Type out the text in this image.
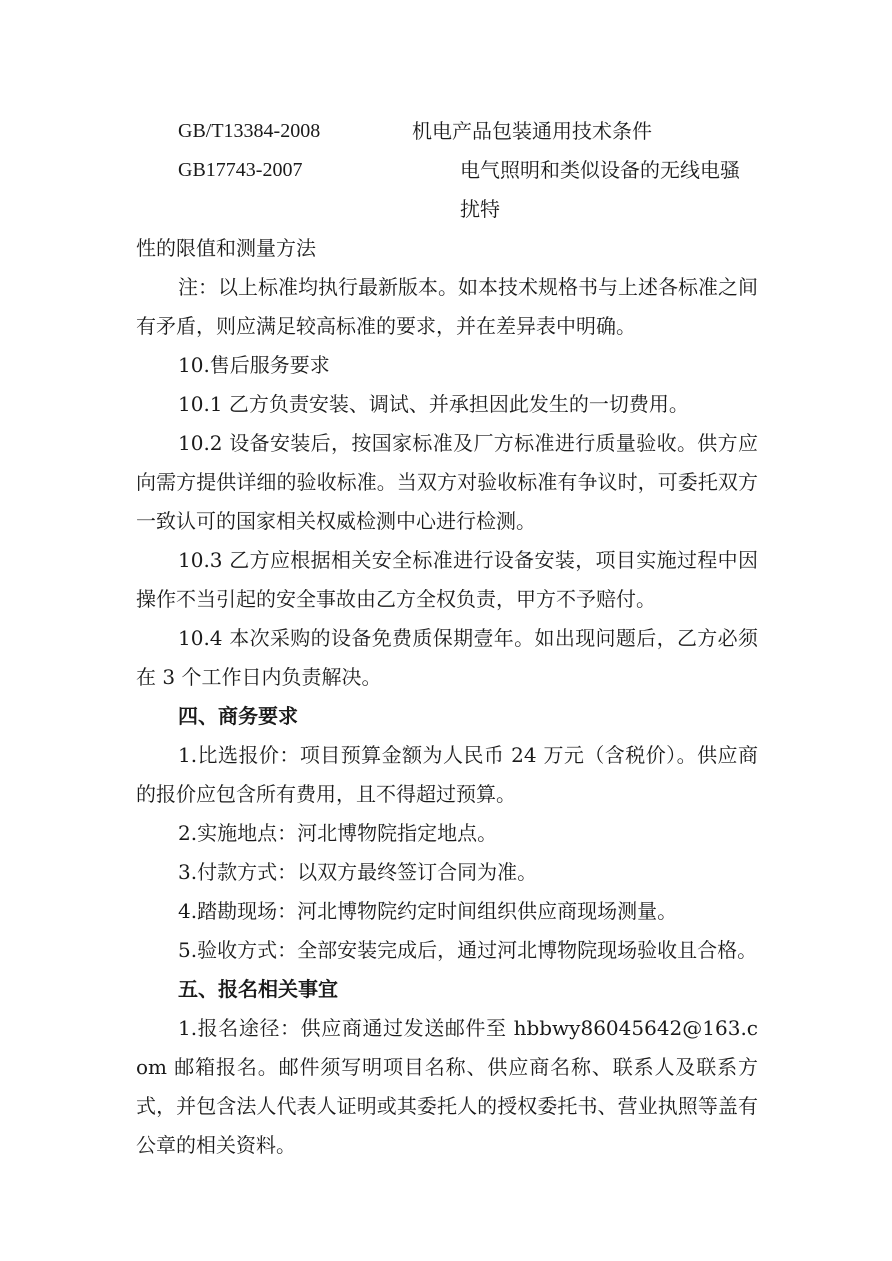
GB/T13384-2008	机电产品包装通用技术条件
GB17743-2007	电气照明和类似设备的无线电骚扰特

性的限值和测量方法

注：以上标准均执行最新版本。如本技术规格书与上述各标准之间有矛盾，则应满足较高标准的要求，并在差异表中明确。

10.售后服务要求

10.1 乙方负责安装、调试、并承担因此发生的一切费用。

10.2 设备安装后，按国家标准及厂方标准进行质量验收。供方应向需方提供详细的验收标准。当双方对验收标准有争议时，可委托双方一致认可的国家相关权威检测中心进行检测。

10.3 乙方应根据相关安全标准进行设备安装，项目实施过程中因操作不当引起的安全事故由乙方全权负责，甲方不予赔付。

10.4 本次采购的设备免费质保期壹年。如出现问题后，乙方必须在 3 个工作日内负责解决。

四、商务要求

1.比选报价：项目预算金额为人民币 24 万元（含税价）。供应商的报价应包含所有费用，且不得超过预算。

2.实施地点：河北博物院指定地点。

3.付款方式：以双方最终签订合同为准。

4.踏勘现场：河北博物院约定时间组织供应商现场测量。

5.验收方式：全部安装完成后，通过河北博物院现场验收且合格。

五、报名相关事宜

1.报名途径：供应商通过发送邮件至 hbbwy86045642@163.com 邮箱报名。邮件须写明项目名称、供应商名称、联系人及联系方式，并包含法人代表人证明或其委托人的授权委托书、营业执照等盖有公章的相关资料。
